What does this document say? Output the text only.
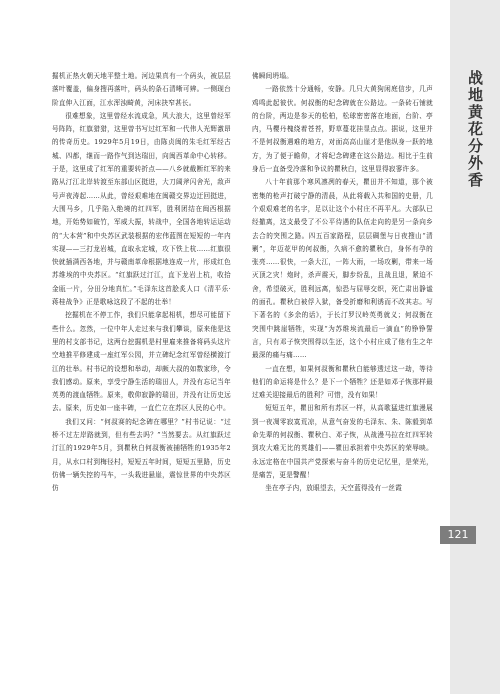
掘机正热火朝天地平整土地。河边果真有一个码头，被层层落叶覆盖，偏身搜再落叶，码头的条石清晰可辨。一侧现台阶直伸入江面，江水浑浊畸黄，河床抉窄甚长。

很难想象，这里曾经水流成急，风大浪大，这里曾经军号阵阵，红旗猎猎，这里曾书写过红军和一代伟人光辉激昂的传奇历史。1929年5月19日，由陈贞闽的朱毛红军经古城、四都，继而一路作气到达瑞田，向闽西革命中心转移。于是，这里成了红军的重要转折点——八乡就截断红军的来路从汀江北岸转渡至东部山区挺进，大刀阔斧闪舍光，敌声号声夜涛起……从此，曾经艰难地在闽赣交界边迂回挺进，大围马乡，几乎陷入绝境的红四军，胜利团结在闽西根据地，开始势如破竹，军威大振，转战中，全国各地转运运动的“大本营”和中央苏区武装根据的宏伟蓝图在短短的一年内实现——三打龙岩城，直取永定城，攻下铁上杭……红旗很快就插满西各地，并与赣南革命根据地连成一片，形成红色苏维埃的中央苏区。“红旗跃过汀江，直下龙岩上杭，收拾金瓯一片，分田分地真忙。”毛泽东这首脍炙人口《清平乐·蒋桂战争》正是歌咏这段了不起的壮举！

挖掘机在不停工作，我们只能拿起相机，想尽可能留下些什么。忽然，一位中年人走过来与我们攀谈，原来他是这里的村支部书记，这两台挖掘机是村里雇来推备将码头这片空地推平修建成一座红军公园，并立碑纪念红军曾经横渡汀江的壮举。村书记的设想和举动，却颇大叔的如数家珍，令我们感动。原来，享受宁静生活的瑞田人，并没有忘记当年英勇的渡血牺牲。原来，敬仰寂静的瑞田，并没有让历史远去。原来，历史如一座丰碑，一直伫立在苏区人民的心中。

我们又问：“何叔赛的纪念碑在哪里？”村书记说：“过桥不过左岸路就到，但有些去吗？”当然要去。从红旗跃过汀江的1929年5月，到瞿秋白何叔衡被捕牺牲的1935年2月，从水口村到梅径村，短短五年时间，短短五里路，历史仿佛一辆失控的马车，一头栽进悬崖，震惊世界的中央苏区仿

佛瞬间坍塌。

一路依然十分通畅，安静。几只大黄狗闲庭信步，几声鸡鸣此起彼伏。何叔衡的纪念碑就在公路边。一条砖石铺就的台阶，两边是参天的松柏，松球密密落在地面，台阶、亭内，马樱丹槐绕着苍苔，野草蔓花挂显点点。据说，这里并不是何叔衡遇难的地方，对面高高山崖才是他纵身一跃的地方，为了便于瞻仰，才将纪念碑建在这公路边。相比于生前身后一直备受冷落和争议的瞿秋白，这里显得寂寥许多。

八十年前那个寒风凛冽的春天，瞿田并不知道，那个被密集的枪声打破宁静的清晨，从此将载入共和国的史册，几个艰艰难老的名字，足以让这个小村庄不再平凡。大部队已经撤离，这支最受了不公平待遇的队伍走向的是另一条向乡去合的突围之路。四五百家路程，层层碉堡与日夜搜山“清剿”，年迈花甲的何叔衡，久病不愈的瞿秋白，身怀有孕的张亮……很快，一条大江，一阵大雨，一场攻剿，带来一场灭顶之灾！炮时，杀声震天，脚步纷乱，且战且退，紧迫不舍，希望破灭，胜利远离，惊恐与屈辱交织，死亡肃出静谧的面孔。瞿秋白被俘入狱，备受折磨和利诱而不改其志。写下著名的《多余的话》，于长汀罗汉岭英勇就义；何叔衡在突围中跳崖牺牲，实现“为苏维埃流最后一滴血”的铮铮誓言，只有邓子恢突围得以生还，这个小村庄成了他有生之年最深的痛与痛……

一直在想，如果何叔衡和瞿秋白能够透过这一劫，等待他们的命运将是什么？是下一个牺牲？还是如邓子恢那样最过难关迎接最后的胜利？可惜，没有如果！

短短五年，瞿田和所有苏区一样，从高歌猛进红旗漫展到一夜凋零寂寞荒凉，从意气奋发的毛泽东、朱、陈毅到革命先辈的何叔衡、瞿秋白、邓子恢，从战漫马拉在红四军转到攻大难无比的英雄们——瞿田承担着中央苏区的荣辱映。永远定格在中国共产党探索与奋斗的历史记忆里，是荣光，是痛苦，更是警醒！

坐在亭子内，放眼望去，天空蓝得没有一丝霞

战地黄花分外香
121
